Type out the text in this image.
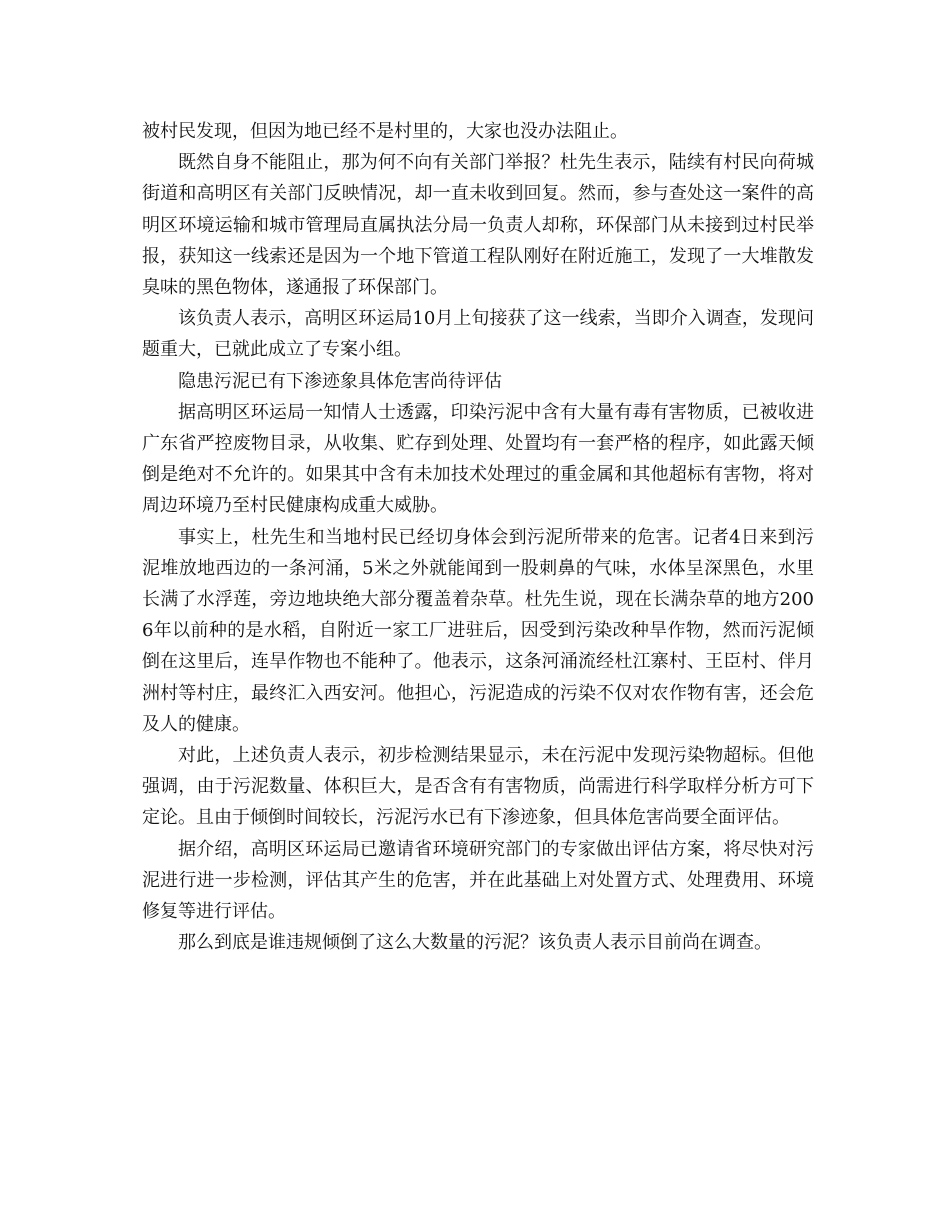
被村民发现，但因为地已经不是村里的，大家也没办法阻止。

既然自身不能阻止，那为何不向有关部门举报？杜先生表示，陆续有村民向荷城街道和高明区有关部门反映情况，却一直未收到回复。然而，参与查处这一案件的高明区环境运输和城市管理局直属执法分局一负责人却称，环保部门从未接到过村民举报，获知这一线索还是因为一个地下管道工程队刚好在附近施工，发现了一大堆散发臭味的黑色物体，遂通报了环保部门。

该负责人表示，高明区环运局10月上旬接获了这一线索，当即介入调查，发现问题重大，已就此成立了专案小组。

隐患污泥已有下渗迹象具体危害尚待评估

据高明区环运局一知情人士透露，印染污泥中含有大量有毒有害物质，已被收进广东省严控废物目录，从收集、贮存到处理、处置均有一套严格的程序，如此露天倾倒是绝对不允许的。如果其中含有未加技术处理过的重金属和其他超标有害物，将对周边环境乃至村民健康构成重大威胁。

事实上，杜先生和当地村民已经切身体会到污泥所带来的危害。记者4日来到污泥堆放地西边的一条河涌，5米之外就能闻到一股刺鼻的气味，水体呈深黑色，水里长满了水浮莲，旁边地块绝大部分覆盖着杂草。杜先生说，现在长满杂草的地方2006年以前种的是水稻，自附近一家工厂进驻后，因受到污染改种旱作物，然而污泥倾倒在这里后，连旱作物也不能种了。他表示，这条河涌流经杜江寨村、王臣村、伴月洲村等村庄，最终汇入西安河。他担心，污泥造成的污染不仅对农作物有害，还会危及人的健康。

对此，上述负责人表示，初步检测结果显示，未在污泥中发现污染物超标。但他强调，由于污泥数量、体积巨大，是否含有有害物质，尚需进行科学取样分析方可下定论。且由于倾倒时间较长，污泥污水已有下渗迹象，但具体危害尚要全面评估。

据介绍，高明区环运局已邀请省环境研究部门的专家做出评估方案，将尽快对污泥进行进一步检测，评估其产生的危害，并在此基础上对处置方式、处理费用、环境修复等进行评估。

那么到底是谁违规倾倒了这么大数量的污泥？该负责人表示目前尚在调查。
